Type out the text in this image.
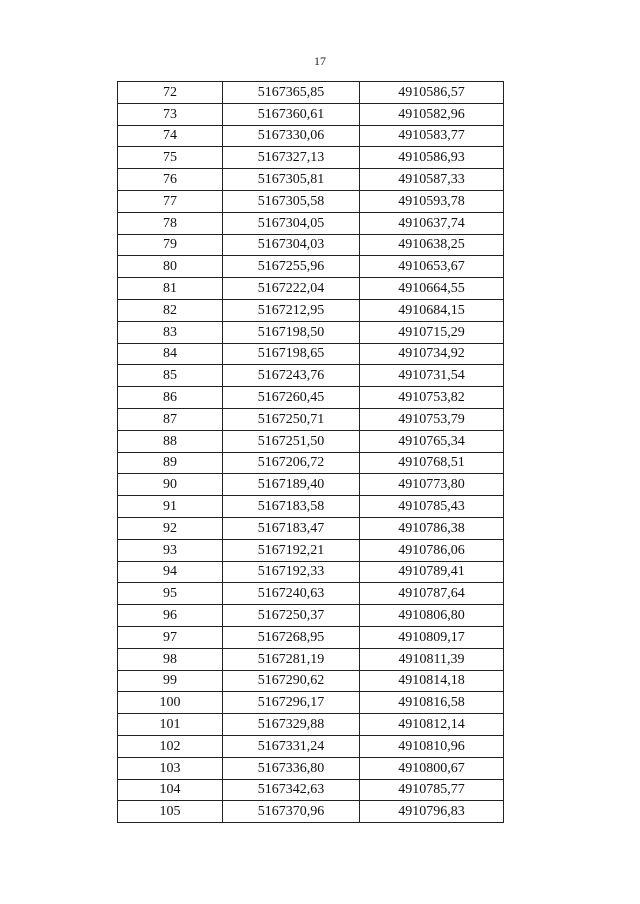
17
72	5167365,85	4910586,57
73	5167360,61	4910582,96
74	5167330,06	4910583,77
75	5167327,13	4910586,93
76	5167305,81	4910587,33
77	5167305,58	4910593,78
78	5167304,05	4910637,74
79	5167304,03	4910638,25
80	5167255,96	4910653,67
81	5167222,04	4910664,55
82	5167212,95	4910684,15
83	5167198,50	4910715,29
84	5167198,65	4910734,92
85	5167243,76	4910731,54
86	5167260,45	4910753,82
87	5167250,71	4910753,79
88	5167251,50	4910765,34
89	5167206,72	4910768,51
90	5167189,40	4910773,80
91	5167183,58	4910785,43
92	5167183,47	4910786,38
93	5167192,21	4910786,06
94	5167192,33	4910789,41
95	5167240,63	4910787,64
96	5167250,37	4910806,80
97	5167268,95	4910809,17
98	5167281,19	4910811,39
99	5167290,62	4910814,18
100	5167296,17	4910816,58
101	5167329,88	4910812,14
102	5167331,24	4910810,96
103	5167336,80	4910800,67
104	5167342,63	4910785,77
105	5167370,96	4910796,83
